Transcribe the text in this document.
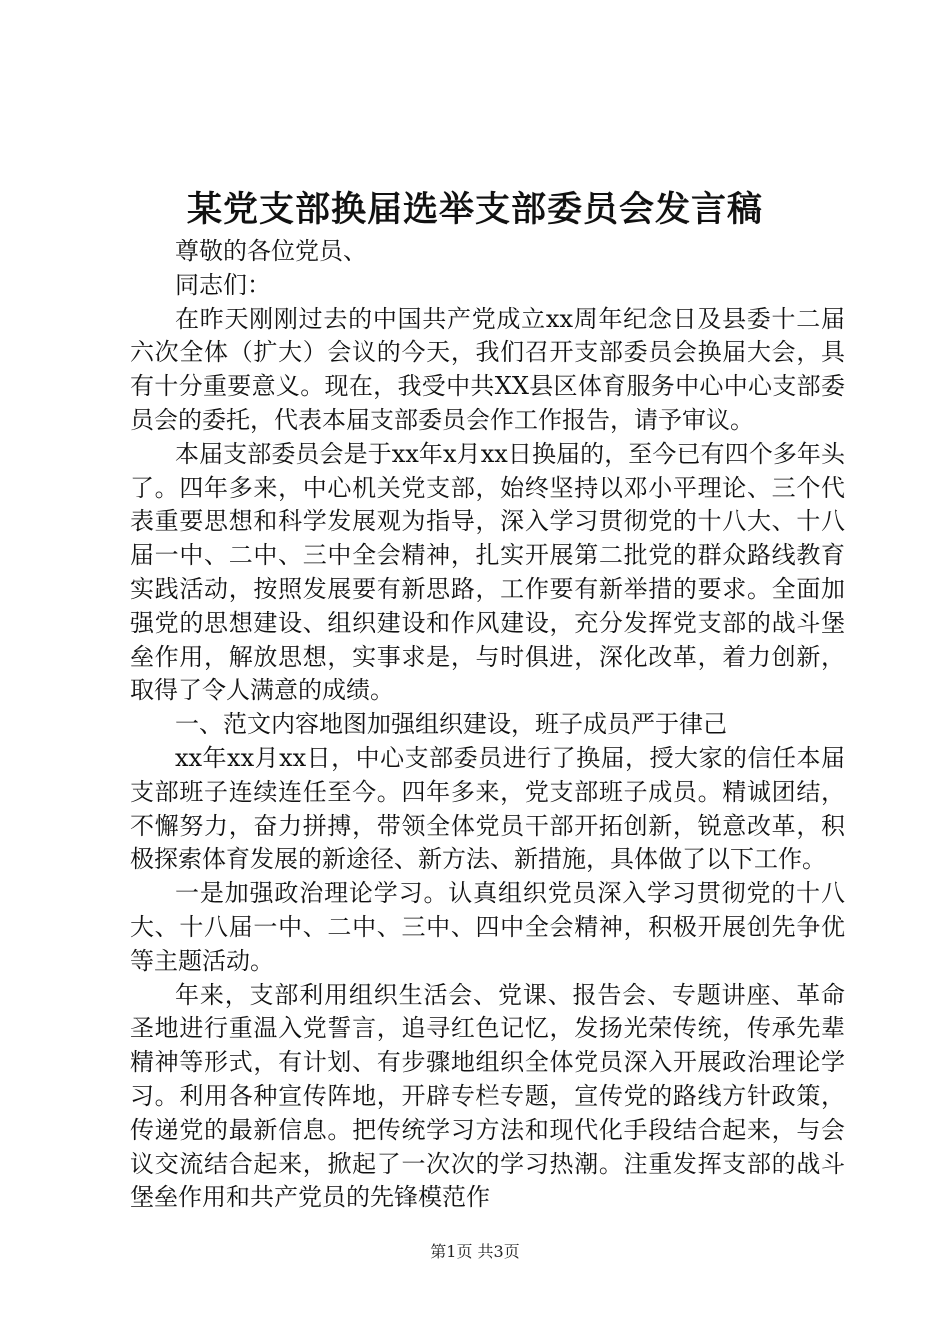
某党支部换届选举支部委员会发言稿

尊敬的各位党员、

同志们：

在昨天刚刚过去的中国共产党成立xx周年纪念日及县委十二届六次全体（扩大）会议的今天，我们召开支部委员会换届大会，具有十分重要意义。现在，我受中共XX县区体育服务中心中心支部委员会的委托，代表本届支部委员会作工作报告，请予审议。

本届支部委员会是于xx年x月xx日换届的，至今已有四个多年头了。四年多来，中心机关党支部，始终坚持以邓小平理论、三个代表重要思想和科学发展观为指导，深入学习贯彻党的十八大、十八届一中、二中、三中全会精神，扎实开展第二批党的群众路线教育实践活动，按照发展要有新思路，工作要有新举措的要求。全面加强党的思想建设、组织建设和作风建设，充分发挥党支部的战斗堡垒作用，解放思想，实事求是，与时俱进，深化改革，着力创新，取得了令人满意的成绩。

一、范文内容地图加强组织建设，班子成员严于律己

xx年xx月xx日，中心支部委员进行了换届，授大家的信任本届支部班子连续连任至今。四年多来，党支部班子成员。精诚团结，不懈努力，奋力拼搏，带领全体党员干部开拓创新，锐意改革，积极探索体育发展的新途径、新方法、新措施，具体做了以下工作。

一是加强政治理论学习。认真组织党员深入学习贯彻党的十八大、十八届一中、二中、三中、四中全会精神，积极开展创先争优等主题活动。

年来，支部利用组织生活会、党课、报告会、专题讲座、革命圣地进行重温入党誓言，追寻红色记忆，发扬光荣传统，传承先辈精神等形式，有计划、有步骤地组织全体党员深入开展政治理论学习。利用各种宣传阵地，开辟专栏专题，宣传党的路线方针政策，传递党的最新信息。把传统学习方法和现代化手段结合起来，与会议交流结合起来，掀起了一次次的学习热潮。注重发挥支部的战斗堡垒作用和共产党员的先锋模范作

第1页 共3页
